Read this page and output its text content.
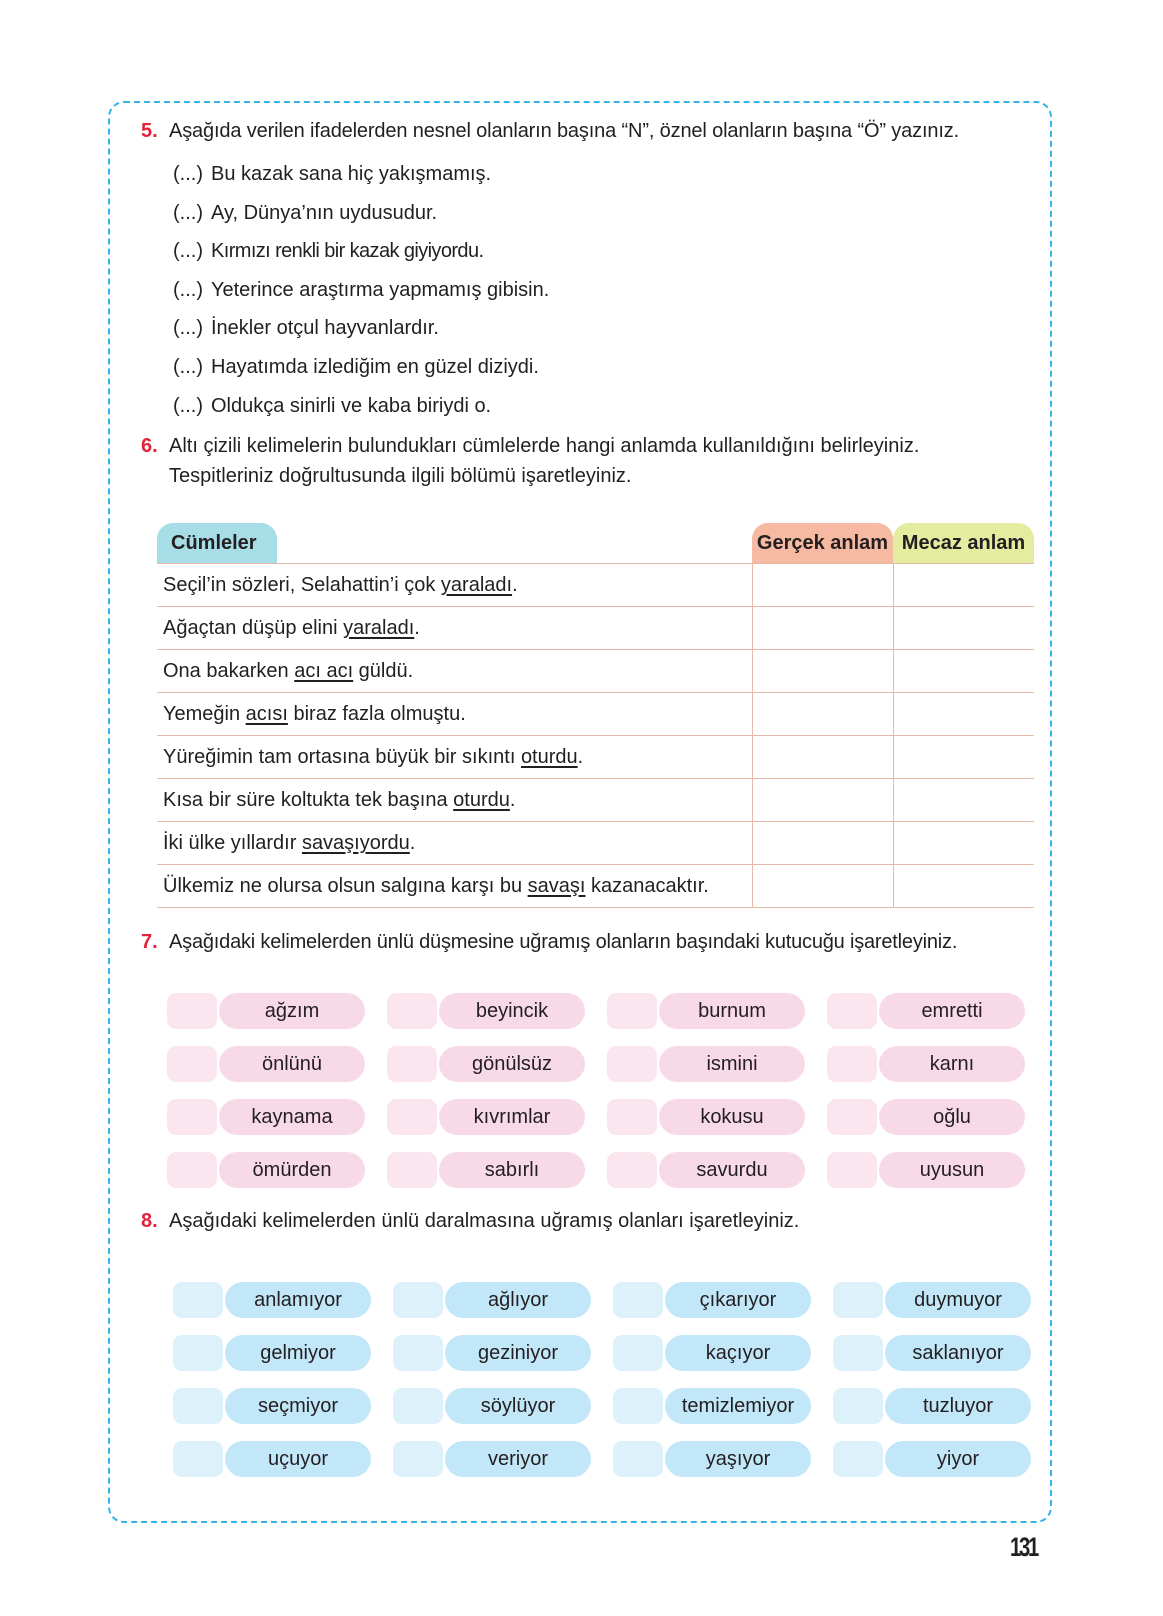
5. Aşağıda verilen ifadelerden nesnel olanların başına “N”, öznel olanların başına “Ö” yazınız.
(...) Bu kazak sana hiç yakışmamış.
(...) Ay, Dünya’nın uydusudur.
(...) Kırmızı renkli bir kazak giyiyordu.
(...) Yeterince araştırma yapmamış gibisin.
(...) İnekler otçul hayvanlardır.
(...) Hayatımda izlediğim en güzel diziydi.
(...) Oldukça sinirli ve kaba biriydi o.
6. Altı çizili kelimelerin bulundukları cümlelerde hangi anlamda kullanıldığını belirleyiniz.
Tespitleriniz doğrultusunda ilgili bölümü işaretleyiniz.
Cümleler	Gerçek anlam Mecaz anlam
Seçil’in sözleri, Selahattin’i çok yaraladı.
Ağaçtan düşüp elini yaraladı.
Ona bakarken acı acı güldü.
Yemeğin acısı biraz fazla olmuştu.
Yüreğimin tam ortasına büyük bir sıkıntı oturdu.
Kısa bir süre koltukta tek başına oturdu.
İki ülke yıllardır savaşıyordu.
Ülkemiz ne olursa olsun salgına karşı bu savaşı kazanacaktır.
7. Aşağıdaki kelimelerden ünlü düşmesine uğramış olanların başındaki kutucuğu işaretleyiniz.
ağzım	beyincik	burnum	emretti
önlünü	gönülsüz	ismini	karnı
kaynama	kıvrımlar	kokusu	oğlu
ömürden	sabırlı	savurdu	uyusun
8. Aşağıdaki kelimelerden ünlü daralmasına uğramış olanları işaretleyiniz.
anlamıyor	ağlıyor	çıkarıyor	duymuyor
gelmiyor	geziniyor	kaçıyor	saklanıyor
seçmiyor	söylüyor	temizlemiyor	tuzluyor
uçuyor	veriyor	yaşıyor	yiyor
131
